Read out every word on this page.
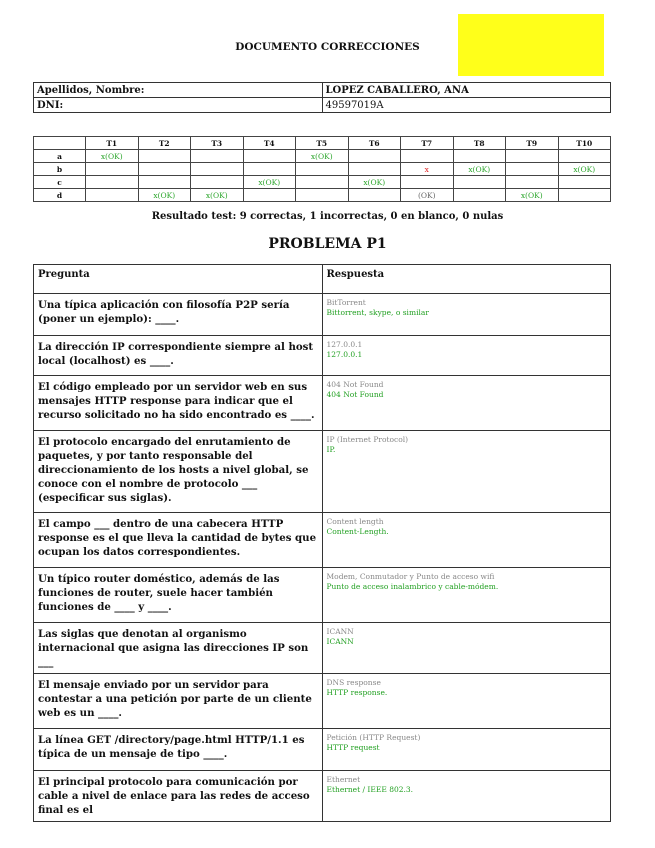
DOCUMENTO CORRECCIONES
Apellidos, Nombre:	LOPEZ CABALLERO, ANA
DNI:	49597019A
	T1	T2	T3	T4	T5	T6	T7	T8	T9	T10
a	x(OK)				x(OK)					
b							x	x(OK)		x(OK)
c				x(OK)		x(OK)				
d		x(OK)	x(OK)				(OK)		x(OK)	
Resultado test: 9 correctas, 1 incorrectas, 0 en blanco, 0 nulas
PROBLEMA P1
Pregunta	Respuesta
Una típica aplicación con filosofía P2P sería (poner un ejemplo): ____.	BitTorrent
Bittorrent, skype, o similar

La dirección IP correspondiente siempre al host local (localhost) es ____.	127.0.0.1
127.0.0.1

El código empleado por un servidor web en sus mensajes HTTP response para indicar que el recurso solicitado no ha sido encontrado es ____.	404 Not Found
404 Not Found

El protocolo encargado del enrutamiento de paquetes, y por tanto responsable del direccionamiento de los hosts a nivel global, se conoce con el nombre de protocolo ___ (especificar sus siglas).	IP (Internet Protocol)
IP.

El campo ___ dentro de una cabecera HTTP response es el que lleva la cantidad de bytes que ocupan los datos correspondientes.	Content length
Content-Length.

Un típico router doméstico, además de las funciones de router, suele hacer también funciones de ____ y ____.	Modem, Conmutador y Punto de acceso wifi
Punto de acceso inalambrico y cable-módem.

Las siglas que denotan al organismo internacional que asigna las direcciones IP son ___	ICANN
ICANN

El mensaje enviado por un servidor para contestar a una petición por parte de un cliente web es un ____.	DNS response
HTTP response.

La línea GET /directory/page.html HTTP/1.1 es típica de un mensaje de tipo ____.	Petición (HTTP Request)
HTTP request

El principal protocolo para comunicación por cable a nivel de enlace para las redes de acceso final es el	Ethernet
Ethernet / IEEE 802.3.
